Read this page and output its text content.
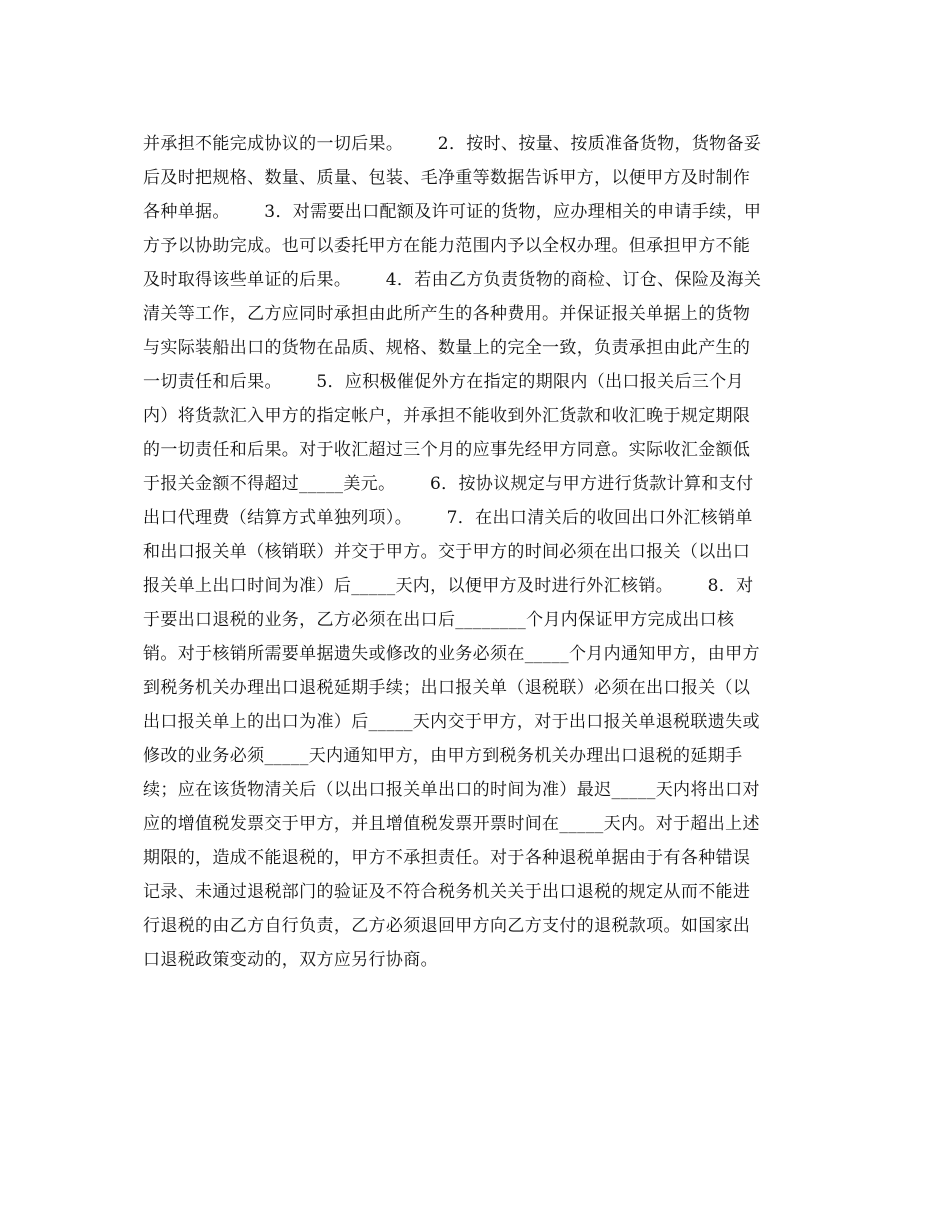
并承担不能完成协议的一切后果。      2．按时、按量、按质准备货物，货物备妥
后及时把规格、数量、质量、包装、毛净重等数据告诉甲方，以便甲方及时制作
各种单据。      3．对需要出口配额及许可证的货物，应办理相关的申请手续，甲
方予以协助完成。也可以委托甲方在能力范围内予以全权办理。但承担甲方不能
及时取得该些单证的后果。      4．若由乙方负责货物的商检、订仓、保险及海关
清关等工作，乙方应同时承担由此所产生的各种费用。并保证报关单据上的货物
与实际装船出口的货物在品质、规格、数量上的完全一致，负责承担由此产生的
一切责任和后果。      5．应积极催促外方在指定的期限内（出口报关后三个月
内）将货款汇入甲方的指定帐户，并承担不能收到外汇货款和收汇晚于规定期限
的一切责任和后果。对于收汇超过三个月的应事先经甲方同意。实际收汇金额低
于报关金额不得超过_____美元。      6．按协议规定与甲方进行货款计算和支付
出口代理费（结算方式单独列项）。      7．在出口清关后的收回出口外汇核销单
和出口报关单（核销联）并交于甲方。交于甲方的时间必须在出口报关（以出口
报关单上出口时间为准）后_____天内，以便甲方及时进行外汇核销。      8．对
于要出口退税的业务，乙方必须在出口后________个月内保证甲方完成出口核
销。对于核销所需要单据遗失或修改的业务必须在_____个月内通知甲方，由甲方
到税务机关办理出口退税延期手续；出口报关单（退税联）必须在出口报关（以
出口报关单上的出口为准）后_____天内交于甲方，对于出口报关单退税联遗失或
修改的业务必须_____天内通知甲方，由甲方到税务机关办理出口退税的延期手
续；应在该货物清关后（以出口报关单出口的时间为准）最迟_____天内将出口对
应的增值税发票交于甲方，并且增值税发票开票时间在_____天内。对于超出上述
期限的，造成不能退税的，甲方不承担责任。对于各种退税单据由于有各种错误
记录、未通过退税部门的验证及不符合税务机关关于出口退税的规定从而不能进
行退税的由乙方自行负责，乙方必须退回甲方向乙方支付的退税款项。如国家出
口退税政策变动的，双方应另行协商。
